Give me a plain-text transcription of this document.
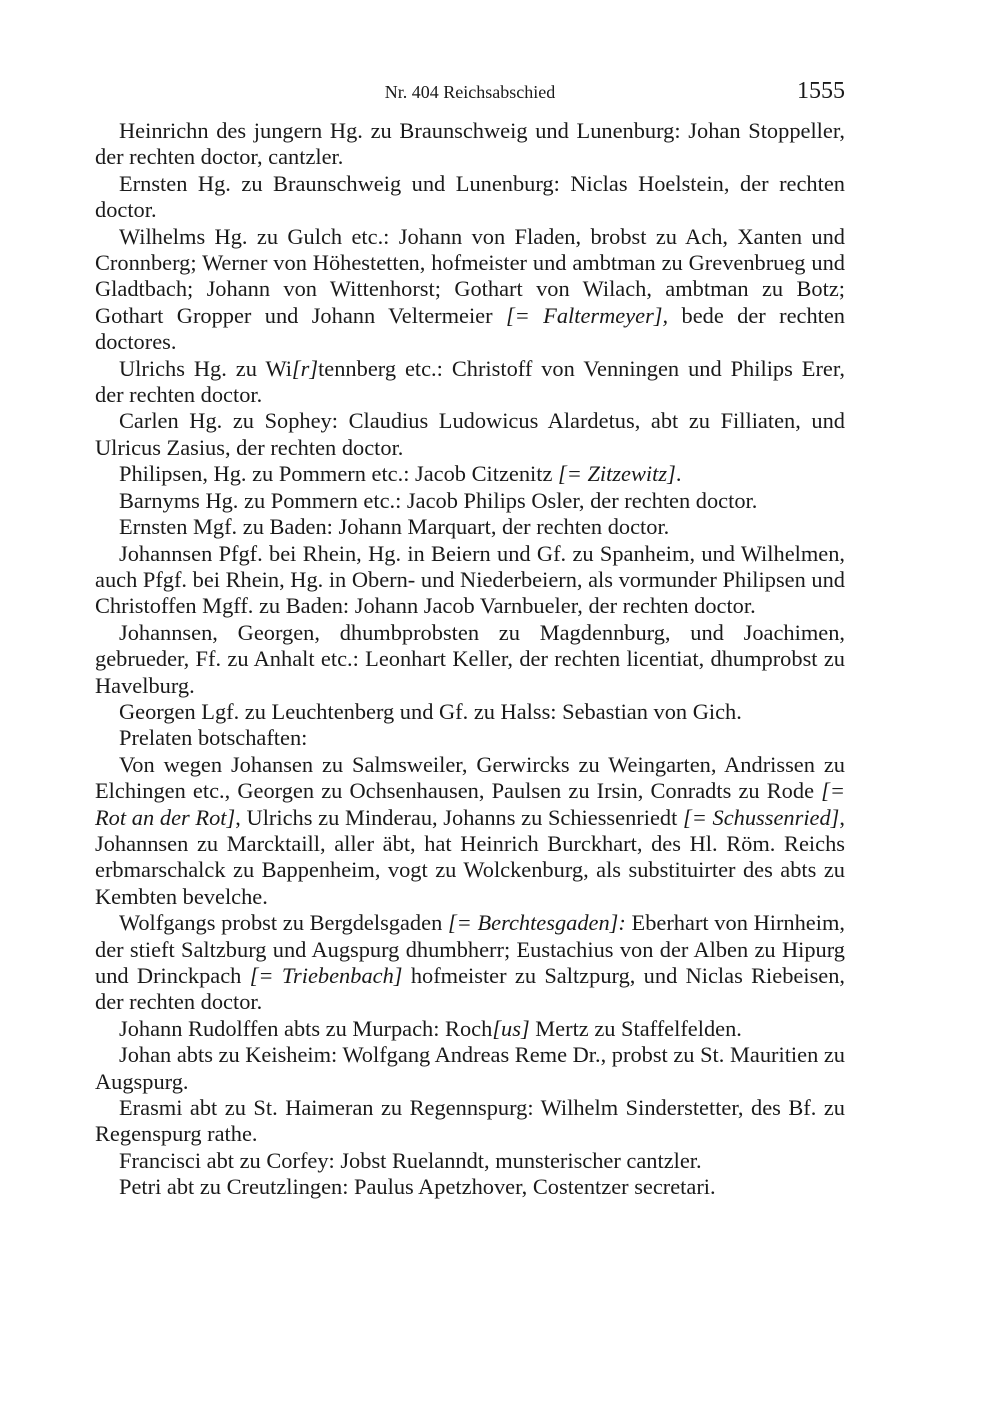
Nr. 404 Reichsabschied	1555

Heinrichn des jungern Hg. zu Braunschweig und Lunenburg: Johan Stoppeller, der rechten doctor, cantzler.

Ernsten Hg. zu Braunschweig und Lunenburg: Niclas Hoelstein, der rechten doctor.

Wilhelms Hg. zu Gulch etc.: Johann von Fladen, brobst zu Ach, Xanten und Cronnberg; Werner von Höhestetten, hofmeister und ambtman zu Grevenbrueg und Gladtbach; Johann von Wittenhorst; Gothart von Wilach, ambtman zu Botz; Gothart Gropper und Johann Veltermeier [= Faltermeyer], bede der rechten doctores.

Ulrichs Hg. zu Wi[r]tennberg etc.: Christoff von Venningen und Philips Erer, der rechten doctor.

Carlen Hg. zu Sophey: Claudius Ludowicus Alardetus, abt zu Filliaten, und Ulricus Zasius, der rechten doctor.

Philipsen, Hg. zu Pommern etc.: Jacob Citzenitz [= Zitzewitz].

Barnyms Hg. zu Pommern etc.: Jacob Philips Osler, der rechten doctor.

Ernsten Mgf. zu Baden: Johann Marquart, der rechten doctor.

Johannsen Pfgf. bei Rhein, Hg. in Beiern und Gf. zu Spanheim, und Wilhelmen, auch Pfgf. bei Rhein, Hg. in Obern- und Niederbeiern, als vormunder Philipsen und Christoffen Mgff. zu Baden: Johann Jacob Varnbueler, der rechten doctor.

Johannsen, Georgen, dhumbprobsten zu Magdennburg, und Joachimen, gebrueder, Ff. zu Anhalt etc.: Leonhart Keller, der rechten licentiat, dhumprobst zu Havelburg.

Georgen Lgf. zu Leuchtenberg und Gf. zu Halss: Sebastian von Gich.

Prelaten botschaften:

Von wegen Johansen zu Salmsweiler, Gerwircks zu Weingarten, Andrissen zu Elchingen etc., Georgen zu Ochsenhausen, Paulsen zu Irsin, Conradts zu Rode [= Rot an der Rot], Ulrichs zu Minderau, Johanns zu Schiessenriedt [= Schussenried], Johannsen zu Marcktaill, aller äbt, hat Heinrich Burckhart, des Hl. Röm. Reichs erbmarschalck zu Bappenheim, vogt zu Wolckenburg, als substituirter des abts zu Kembten bevelche.

Wolfgangs probst zu Bergdelsgaden [= Berchtesgaden]: Eberhart von Hirnheim, der stieft Saltzburg und Augspurg dhumbherr; Eustachius von der Alben zu Hipurg und Drinckpach [= Triebenbach] hofmeister zu Saltzpurg, und Niclas Riebeisen, der rechten doctor.

Johann Rudolffen abts zu Murpach: Roch[us] Mertz zu Staffelfelden.

Johan abts zu Keisheim: Wolfgang Andreas Reme Dr., probst zu St. Mauritien zu Augspurg.

Erasmi abt zu St. Haimeran zu Regennspurg: Wilhelm Sinderstetter, des Bf. zu Regenspurg rathe.

Francisci abt zu Corfey: Jobst Ruelanndt, munsterischer cantzler.

Petri abt zu Creutzlingen: Paulus Apetzhover, Costentzer secretari.
